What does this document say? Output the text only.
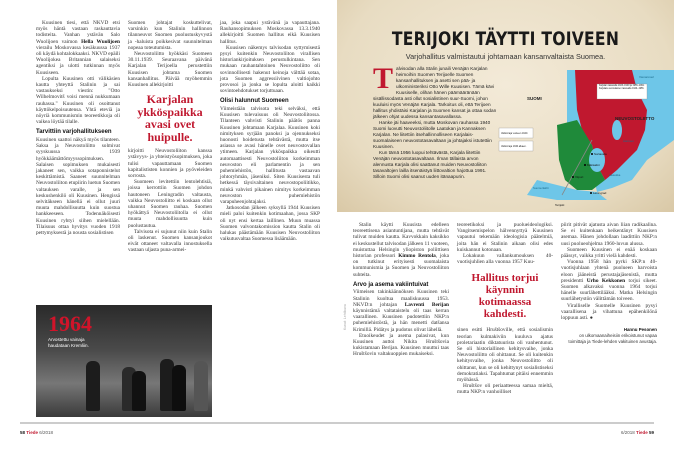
Kuusinen tiesi, että NKVD etsi myös häntä vastaan raskauttavia todisteita. Vanhan ystävän Salo Wuolijoen vaimon Hella Wuolijoen vierailu Moskovassa kesäkuussa 1937 oli käydä kohtalokkaaksi. NKVD epäili Wuolijokea Britannian salaiseksi agentiksi ja ulotti tutkinnan myös Kuusiseen.

Lopulta Kuusinen otti välikäsien kautta yhteyttä Stalinin ja sai vastaukseksi viestin: "Otto Wilhelmovitš voisi mennä nukkumaan rauhassa." Kuusinen oli osoittanut käyttökelpoisuutensa. Yhtä eteviä ja nöyriä kommunismin teoreetikkoja oli vaikea löytää tilalle.

Tarvittiin varjohallitukseen

Kuusinen saattoi näkyä myös tilanteen. Saksa ja Neuvostoliitto solmivat syyskuussa 1939 hyökkäämättömyyssopimuksen. Salaisen sopimuksen mukaisesti jakaneet sen, vaikka sotaponnistelut keskittämistä. Saaneet suunnitelman Neuvostoliiton etupiirin luetun Suomen valtauksen varalle, ja sen keskushenkilö oli Kuusinen. Hengissä selvitäkseen hänellä ei ollut juuri muuta mahdollisuutta kuin suostua hankkeeseen. Todennäköisesti Kuusinen ryhtyi siihen mielellään. Tilaisuus ottaa hyvitys vuoden 1918 pettymyksestä ja nousta sosialistisen

Suomen johtajat koskuttelivat, varsinkin kun Stalinin hallinnon tilanneuvot Suomen puolustuskyvystä ja -haluista poikkesivat suunnitelman nopeaa toteutumista.

Neuvostoliitto hyökkäsi Suomeen 30.11.1939. Seuraavana päivänä Karjalan Terijoella perustettiin Kuusisen johtama Suomen kansanhallitus. Päivää myöhemmin Kuusinen allekirjoitti

Karjalan ykköspaikka avasi ovet huipulle.

kirjoitti Neuvostoliiton kanssa ystävyys- ja yhteistyösopimuksen, joka tulisi vapauttamaan Suomen kapitalististen konnien ja pyöveleiden sorrosta.

Suomeen levitettiin lentolehtisiä, joissa kerrottiin Suomen johdon hautoneen Leningradin valtausta, vaikka Neuvostoliitto ei koskaan ollut uhannut Suomen rauhaa. Suomen hyökättyä Neuvostoliitolla ei ollut muuta mahdollisuutta kuin puolustautua.

Talvisota ei sujunut niin kuin Stalin oli laskenut. Suomen kansanjoukot eivät ottaneet valtavalla innostuksella vastaan uljasta puna-armei-

jaa, joka saapui ystävänä ja vapauttajana. Rauhansopimuksen Moskovassa 13.3.1940 allekirjoitti Suomen hallitus eikä Kuusisen hallitus.

Kuusisen näkemys talvisodan syttymisestä pysyi kuitenkin Neuvostoliiton virallisen historiankirjoituksen perustulkintana. Sen mukaan rauhantahtoinen Neuvostoliitto oli sovinnollisesti hakenut keinoja välttää sotaa, jota Suomen aggressiivinen valtiojohto provosoi ja jonka se lopulta aloitti kaikki sovintoehdotukset torjuttuaan.

Olisi halunnut Suomeen

Viimeistään talvisota teki selväksi, että Kuusisen tulevaisuus oli Neuvostoliitossa. Tilanteen vahvisti Stalinin päätös panna Kuusinen johtamaan Karjalaa. Kuusinen koki nimityksen syrjään panoksi ja ojennukseksi huonosti hoidetusta tehtävästä, mutta itse asiassa se avasi hänelle ovet neuvostovallan ytimeen. Karjalan ykköspaikka oikeutti automaattisesti Neuvostoliiton korkeimman neuvoston eli parlamentin ja sen puhemiehistön, hallitusta vastaavan johtoryhmän, jäseniksi. Siten Kuusisesta tuli hetkessä täysivaltainen neuvostopoliitikko, minkä vahvisti pikainen nimitys korkeimman neuvoston puhemiehistön varapuheenjohtajaksi.

Jatkosodan jälkeen syksyllä 1944 Kuusisen mieli paloi kuitenkin kotimaahan, jossa SKP oli nyt ensi kertaa laillinen. Muun muassa Suomen valvontakomission kautta Stalin oli halukas päästämään Kuusisen Neuvostoliiton vaikutusvaltaa Suomessa lisäämään.

1964
Arvostettu vainaja haudataan Kremliin.
58 Tiede 6/2018
TERIJOKI TÄYTTI TOIVEEN
Varjohallitus valmistautui johtamaan kansanvaltaista Suomea.
T alvisodan alla Stalin junaili Venäjän Karjalan heimoihin Suomen Terijoelle Suomen kansanhallituksen ja asetti sen pää- ja ulkoministeriksi Otto Wille Kuusisen. Tämä kävi Kuusiselle, olihan hänen päämääränään sisällissodasta asti ollut sosialistinen suur-Suomi, johon kuuluisi myös Venäjän Karjala. Tarkoitus oli, että Terijoen hallitus yhdistäisi Karjalan ja Suomen kansat ja ottaa sodan jälkeen ohjat uudessa kansantasavallassa.

Hanke jäi haaveeksi, mutta Moskovan rauhassa 1940 Suomi luovutti Neuvostoliitolle Laatokan ja Kannaksen Karjalan. Ne liitettiin itsehallinnolliseen Karjalais-suomalaiseen neuvostotasavaltaan ja johtajaksi istutettiin Kuusinen.

Kun tämä 1956 luopui tehtävästä, Karjala liitettiin Venäjän neuvostotasavaltaan. Ilman tällaista arvon alennusta Karjala olisi saattanut muiden Neuvostoliiton tasavaltojen lailla itsenäistyä liittovaltion hajottua 1991. Silloin Suomi olisi saanut uuden itänaapurin.

SUOMI
NEUVOSTOLIITTO
Vienanmeri
Ääninen
Laatokka
Suomenlahti
Sortavala
Käkisalmi
Viipuri
Leningrad
Terijoki
Valtionraja vuoteen 1940.
Valtionraja 1940 alkaen.
Karjalan tasavalta 1923–1940 ja 1956–1991. Karjalais-suomalainen tasavalta 1940–1956.

Stalin käytti Kuusista edelleen teoreettisena asiantuntijana, mutta tehtävät tulivat muiden kautta. Kavvokkain kaksikko ei keskustellut talvisodan jälkeen 11 vuoteen, muistuttaa Helsingin yliopiston poliittisen historian professori Kimmo Rentola, joka on tutkinut erityisesti suomalaista kommunismia ja Suomen ja Neuvostoliiton suhteita.

Arvo ja asema vakiintuivat

Viimeisen takinkäännöksen Kuusinen teki Stalinin kuoltua maaliskuussa 1953. NKVD:n johtajan Lavrenti Berijan käynnistämä valtataistelu oli taas kerran vaarallinen. Kuusinen pudotettiin NKP:n puhemiehistöstä, ja hän menetti datšansa Krimillä. Pidätys ja pudotus olivat lähellä.

Etuoikeudet ja asema palasivat, kun Kuusinen auttoi Nikita Hruštšovia kukistamaan Berijan. Kuusinen muuttui taas Hruštšovin valtakuoppien mukaiseksi.

teoreetikoksi ja puolueideologiksi. Vangitsemispelon hälvennyttyä Kuusinen vapautui tekemään ideologisia päätelmiä, joita hän ei Stalinin aikaan olisi edes kuiskannut kotonaan.

Lokakuun vallankumouksen 40-vuotisjuhlien alla vuonna 1957 Kuu-

Hallitus torjui käynnin kotimaassa kahdesti.

sinen esitti Hruštšoville, että sosialismin teorian kulmakiviin kuuluva ajatus proletariaatin diktatuurista oli vanhentunut. Se oli historiallinen kehitysvaihe, jonka Neuvostoliitto oli ohittanut. Se oli kuitenkin kehitysvaihe, jonka Neuvostoliitto oli ohittanut, kun se oli kehittynyt sosialistiseksi demokratiaksi. Tapahtumat pitäisi ennemmin myöhässä.

Hruštšov oli periaatteessa samaa mieltä, mutta NKP:n vanhoilliset

piirit pitivät ajatusta aivan liian radikaalina. Se ei kuitenkaan heikentänyt Kuusisen asemaa. Hänen johdollaan laadittiin NKP:n uusi puolueohjelma 1960-luvun alussa.

Suomeen Kuusinen ei enää koskaan päässyt, vaikka yritti vielä kahdesti.

Vuonna 1958 hän pyrki SKP:n 40-vuotisjuhlaan yhtenä puolueen harvoista eloon jääneistä perustajajäsenistä, mutta presidentti Urho Kekkonen torjui sikeet. Suomen alkavaksi vuonna 1964 torjui hänelle suurlähettilääksi. Matka Helsingin suurlähetystön välittämän toiveen.

Viralliselle Suomelle Kuusinen pysyi vaarallisena ja vihattuna epähenkilönä loppuun asti. ●

Hannu Pesonen
on ulkomaanaiheisiin erikoistunut vapaa toimittaja ja Tiede-lehden vakituinen avustaja.
Kuvat: Lehtikuva
6/2018 Tiede 59
